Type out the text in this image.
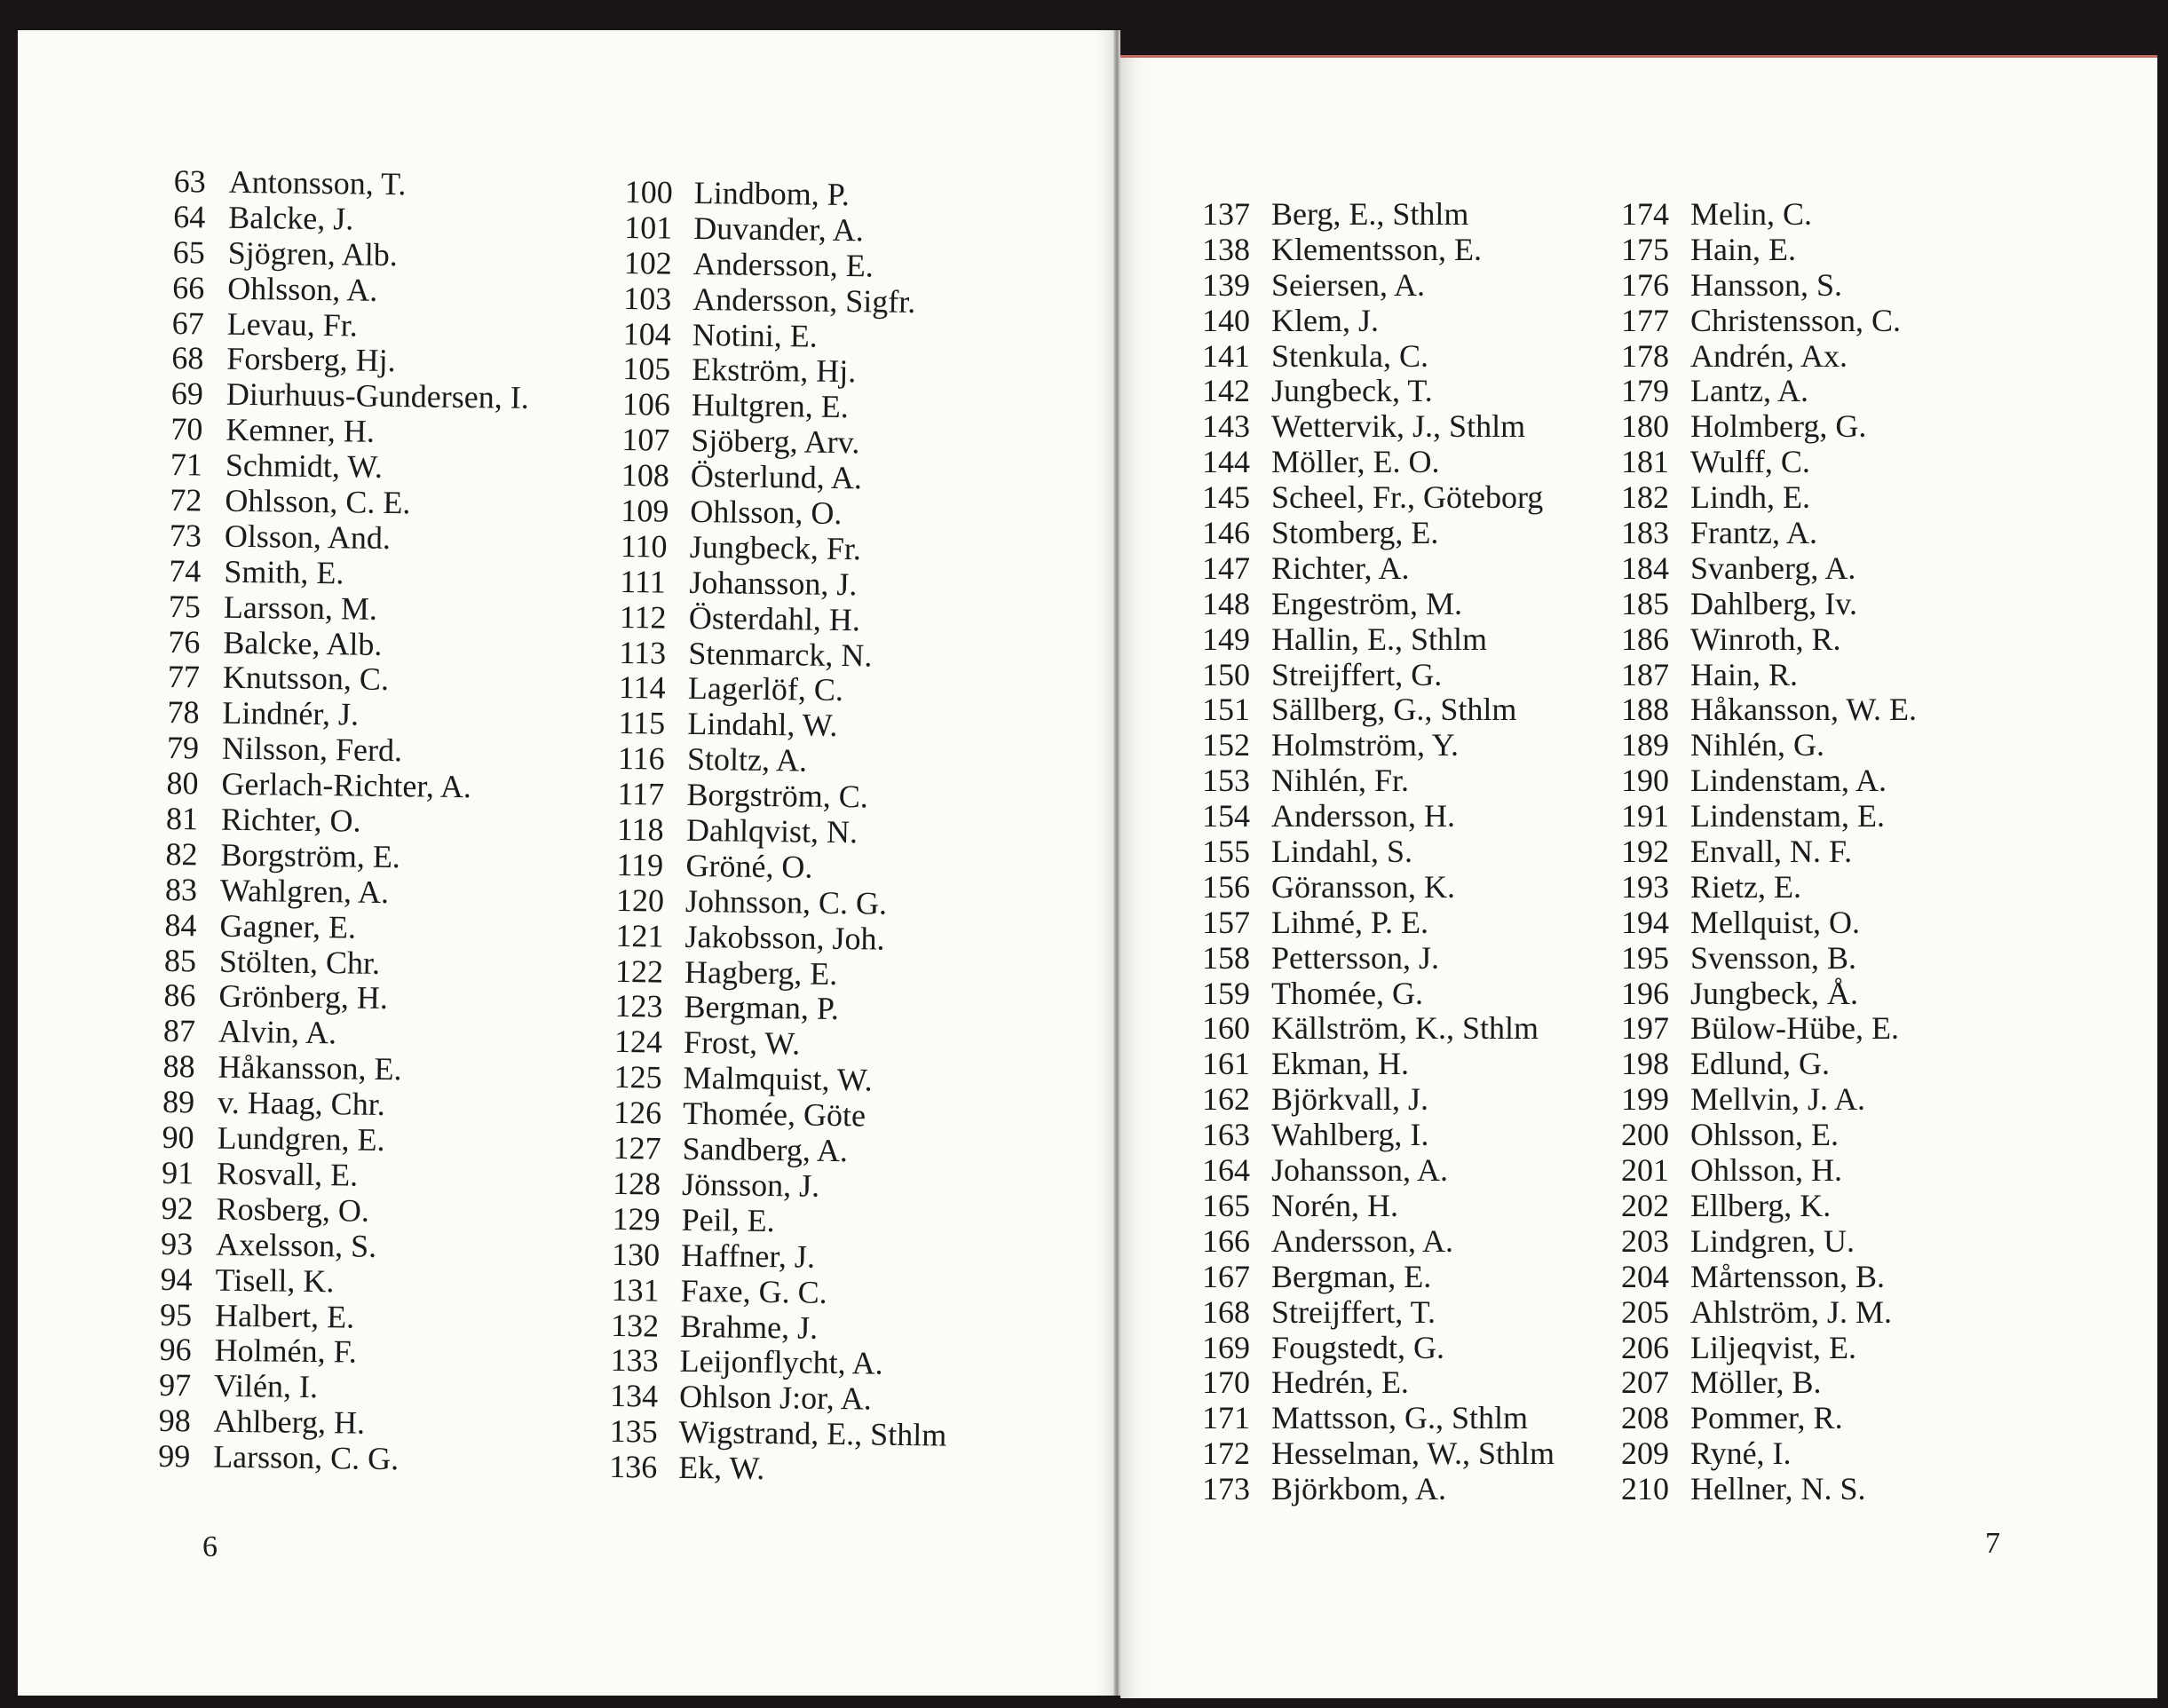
63 Antonsson, T.
64 Balcke, J.
65 Sjögren, Alb.
66 Ohlsson, A.
67 Levau, Fr.
68 Forsberg, Hj.
69 Diurhuus-Gundersen, I.
70 Kemner, H.
71 Schmidt, W.
72 Ohlsson, C. E.
73 Olsson, And.
74 Smith, E.
75 Larsson, M.
76 Balcke, Alb.
77 Knutsson, C.
78 Lindnér, J.
79 Nilsson, Ferd.
80 Gerlach-Richter, A.
81 Richter, O.
82 Borgström, E.
83 Wahlgren, A.
84 Gagner, E.
85 Stölten, Chr.
86 Grönberg, H.
87 Alvin, A.
88 Håkansson, E.
89 v. Haag, Chr.
90 Lundgren, E.
91 Rosvall, E.
92 Rosberg, O.
93 Axelsson, S.
94 Tisell, K.
95 Halbert, E.
96 Holmén, F.
97 Vilén, I.
98 Ahlberg, H.
99 Larsson, C. G.
100 Lindbom, P.
101 Duvander, A.
102 Andersson, E.
103 Andersson, Sigfr.
104 Notini, E.
105 Ekström, Hj.
106 Hultgren, E.
107 Sjöberg, Arv.
108 Österlund, A.
109 Ohlsson, O.
110 Jungbeck, Fr.
111 Johansson, J.
112 Österdahl, H.
113 Stenmarck, N.
114 Lagerlöf, C.
115 Lindahl, W.
116 Stoltz, A.
117 Borgström, C.
118 Dahlqvist, N.
119 Gröné, O.
120 Johnsson, C. G.
121 Jakobsson, Joh.
122 Hagberg, E.
123 Bergman, P.
124 Frost, W.
125 Malmquist, W.
126 Thomée, Göte
127 Sandberg, A.
128 Jönsson, J.
129 Peil, E.
130 Haffner, J.
131 Faxe, G. C.
132 Brahme, J.
133 Leijonflycht, A.
134 Ohlson J:or, A.
135 Wigstrand, E., Sthlm
136 Ek, W.
137 Berg, E., Sthlm
138 Klementsson, E.
139 Seiersen, A.
140 Klem, J.
141 Stenkula, C.
142 Jungbeck, T.
143 Wettervik, J., Sthlm
144 Möller, E. O.
145 Scheel, Fr., Göteborg
146 Stomberg, E.
147 Richter, A.
148 Engeström, M.
149 Hallin, E., Sthlm
150 Streijffert, G.
151 Sällberg, G., Sthlm
152 Holmström, Y.
153 Nihlén, Fr.
154 Andersson, H.
155 Lindahl, S.
156 Göransson, K.
157 Lihmé, P. E.
158 Pettersson, J.
159 Thomée, G.
160 Källström, K., Sthlm
161 Ekman, H.
162 Björkvall, J.
163 Wahlberg, I.
164 Johansson, A.
165 Norén, H.
166 Andersson, A.
167 Bergman, E.
168 Streijffert, T.
169 Fougstedt, G.
170 Hedrén, E.
171 Mattsson, G., Sthlm
172 Hesselman, W., Sthlm
173 Björkbom, A.
174 Melin, C.
175 Hain, E.
176 Hansson, S.
177 Christensson, C.
178 Andrén, Ax.
179 Lantz, A.
180 Holmberg, G.
181 Wulff, C.
182 Lindh, E.
183 Frantz, A.
184 Svanberg, A.
185 Dahlberg, Iv.
186 Winroth, R.
187 Hain, R.
188 Håkansson, W. E.
189 Nihlén, G.
190 Lindenstam, A.
191 Lindenstam, E.
192 Envall, N. F.
193 Rietz, E.
194 Mellquist, O.
195 Svensson, B.
196 Jungbeck, Å.
197 Bülow-Hübe, E.
198 Edlund, G.
199 Mellvin, J. A.
200 Ohlsson, E.
201 Ohlsson, H.
202 Ellberg, K.
203 Lindgren, U.
204 Mårtensson, B.
205 Ahlström, J. M.
206 Liljeqvist, E.
207 Möller, B.
208 Pommer, R.
209 Ryné, I.
210 Hellner, N. S.
6	7
